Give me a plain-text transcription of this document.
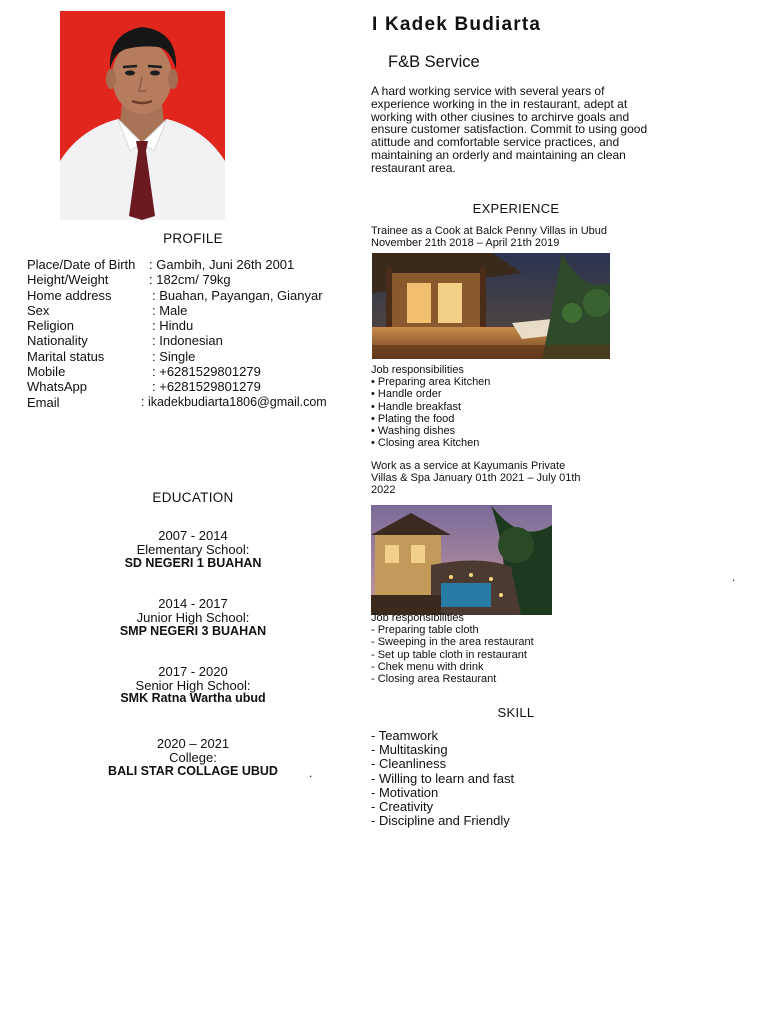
PROFILE
Place/Date of Birth	: Gambih, Juni 26th 2001
Height/Weight	: 182cm/ 79kg
Home address	: Buahan, Payangan, Gianyar
Sex	: Male
Religion	: Hindu
Nationality	: Indonesian
Marital status	: Single
Mobile	: +6281529801279
WhatsApp	: +6281529801279
Email	: ikadekbudiarta1806@gmail.com
EDUCATION
2007 - 2014
Elementary School:
SD NEGERI 1 BUAHAN
2014 - 2017
Junior High School:
SMP NEGERI 3 BUAHAN
2017 - 2020
Senior High School:
SMK Ratna Wartha ubud
2020 – 2021
College:
BALI STAR COLLAGE UBUD	.
I Kadek Budiarta
F&B Service
A hard working service with several years of experience working in the in restaurant, adept at working with other ciusines to archirve goals and ensure customer satisfaction. Commit to using good atittude and comfortable service practices, and maintaining an orderly and maintaining an clean restaurant area.
EXPERIENCE
Trainee as a Cook at Balck Penny Villas in Ubud
November 21th 2018 – April 21th 2019
Job responsibilities
• Preparing area Kitchen
• Handle order
• Handle breakfast
• Plating the food
• Washing dishes
• Closing area Kitchen
Work as a service at Kayumanis Private
Villas & Spa January 01th 2021 – July 01th
2022
Job responsibilities
- Preparing table cloth
- Sweeping in the area restaurant
- Set up table cloth in restaurant
- Chek menu with drink
- Closing area Restaurant
.
SKILL
- Teamwork
- Multitasking
- Cleanliness
- Willing to learn and fast
- Motivation
- Creativity
- Discipline and Friendly
